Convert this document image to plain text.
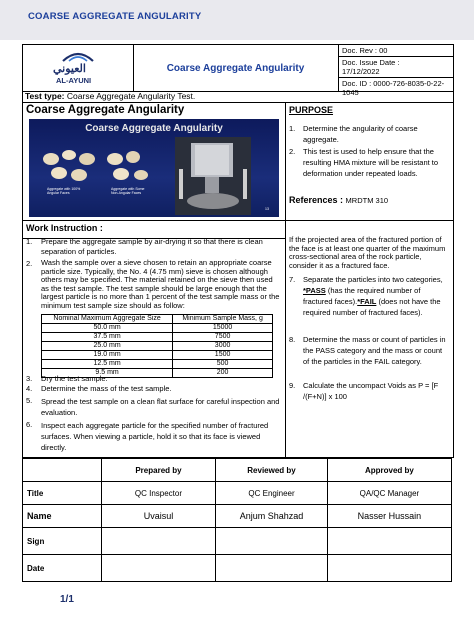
COARSE AGGREGATE ANGULARITY
العيوني
AL-AYUNI
Coarse Aggregate Angularity
Doc. Rev : 00
Doc. Issue Date :
17/12/2022
Doc. ID : 0000-726-8035-0-22-1045
Test type: Coarse Aggregate Angularity Test.
Coarse Aggregate Angularity
Coarse Aggregate Angularity
Aggregate with 100% Angular Faces
Aggregate with Some Non-Angular Faces
13
PURPOSE
1. Determine the angularity of coarse aggregate.
2. This test is used to help ensure that the resulting HMA mixture will be resistant to deformation under repeated loads.
References : MRDTM 310
Work Instruction :
1. Prepare the aggregate sample by air-drying it so that there is clean separation of particles.
2. Wash the sample over a sieve chosen to retain an appropriate coarse particle size. Typically, the No. 4 (4.75 mm) sieve is chosen although others may be specified. The material retained on the sieve then used as the test sample. The test sample should be large enough that the largest particle is no more than 1 percent of the test sample mass or the minimum test sample size should as follow:
Nominal Maximum Aggregate Size	Minimum Sample Mass, g
50.0 mm	15000
37.5 mm	7500
25.0 mm	3000
19.0 mm	1500
12.5 mm	500
9.5 mm	200
3. Dry the test sample.
4. Determine the mass of the test sample.
5. Spread the test sample on a clean flat surface for careful inspection and evaluation.
6. Inspect each aggregate particle for the specified number of fractured surfaces. When viewing a particle, hold it so that its face is viewed directly.
If the projected area of the fractured portion of the face is at least one quarter of the maximum cross-sectional area of the rock particle, consider it as a fractured face.
7. Separate the particles into two categories, *PASS (has the required number of fractured faces).*FAIL (does not have the required number of fractured faces).
8. Determine the mass or count of particles in the PASS category and the mass or count of the particles in the FAIL category.
9. Calculate the uncompact Voids as P = [F /(F+N)] x 100
	Prepared by	Reviewed by	Approved by
Title	QC Inspector	QC Engineer	QA/QC Manager
Name	Uvaisul	Anjum Shahzad	Nasser Hussain
Sign			
Date			
1/1
